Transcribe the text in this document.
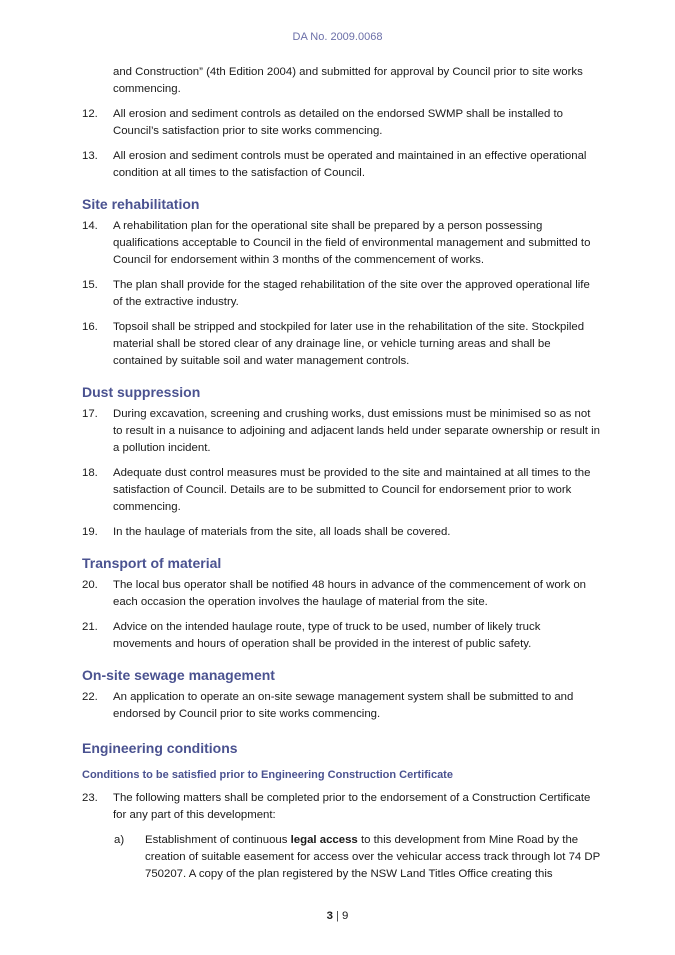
DA No. 2009.0068

and Construction” (4th Edition 2004) and submitted for approval by Council prior to site works commencing.

12. All erosion and sediment controls as detailed on the endorsed SWMP shall be installed to Council’s satisfaction prior to site works commencing.

13. All erosion and sediment controls must be operated and maintained in an effective operational condition at all times to the satisfaction of Council.

Site rehabilitation

14. A rehabilitation plan for the operational site shall be prepared by a person possessing qualifications acceptable to Council in the field of environmental management and submitted to Council for endorsement within 3 months of the commencement of works.

15. The plan shall provide for the staged rehabilitation of the site over the approved operational life of the extractive industry.

16. Topsoil shall be stripped and stockpiled for later use in the rehabilitation of the site. Stockpiled material shall be stored clear of any drainage line, or vehicle turning areas and shall be contained by suitable soil and water management controls.

Dust suppression

17. During excavation, screening and crushing works, dust emissions must be minimised so as not to result in a nuisance to adjoining and adjacent lands held under separate ownership or result in a pollution incident.

18. Adequate dust control measures must be provided to the site and maintained at all times to the satisfaction of Council. Details are to be submitted to Council for endorsement prior to work commencing.

19. In the haulage of materials from the site, all loads shall be covered.

Transport of material

20. The local bus operator shall be notified 48 hours in advance of the commencement of work on each occasion the operation involves the haulage of material from the site.

21. Advice on the intended haulage route, type of truck to be used, number of likely truck movements and hours of operation shall be provided in the interest of public safety.

On-site sewage management

22. An application to operate an on-site sewage management system shall be submitted to and endorsed by Council prior to site works commencing.

Engineering conditions
Conditions to be satisfied prior to Engineering Construction Certificate

23. The following matters shall be completed prior to the endorsement of a Construction Certificate for any part of this development:

a) Establishment of continuous legal access to this development from Mine Road by the creation of suitable easement for access over the vehicular access track through lot 74 DP 750207. A copy of the plan registered by the NSW Land Titles Office creating this

3 | 9
